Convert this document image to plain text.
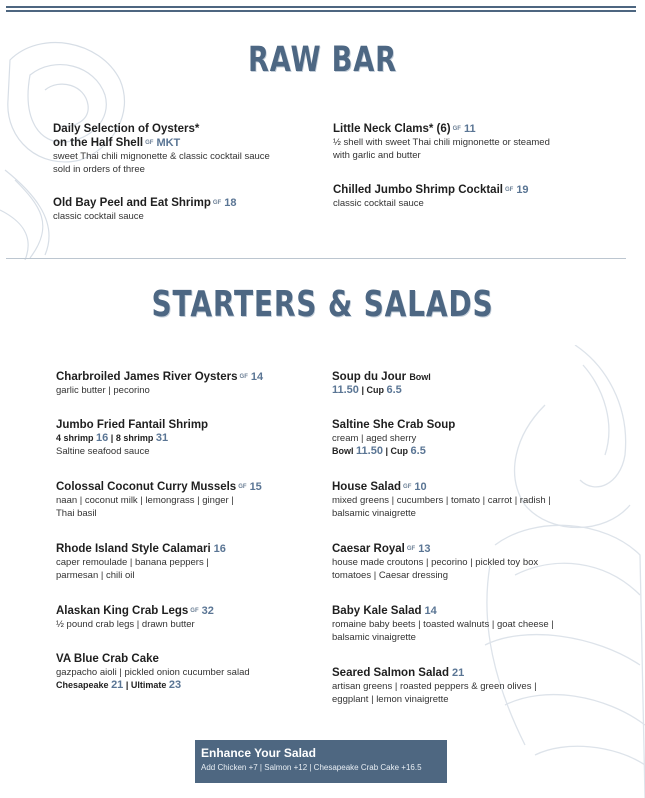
RAW BAR
Daily Selection of Oysters*
on the Half Shell $^{GF}$ MKT
sweet Thai chili mignonette & classic cocktail sauce
sold in orders of three
Old Bay Peel and Eat Shrimp $^{GF}$ 18
classic cocktail sauce
Little Neck Clams* (6) $^{GF}$ 11
½ shell with sweet Thai chili mignonette or steamed
with garlic and butter
Chilled Jumbo Shrimp Cocktail $^{GF}$ 19
classic cocktail sauce
STARTERS & SALADS
Charbroiled James River Oysters $^{GF}$ 14
garlic butter | pecorino
Jumbo Fried Fantail Shrimp
4 shrimp 16 | 8 shrimp 31
Saltine seafood sauce
Colossal Coconut Curry Mussels $^{GF}$ 15
naan | coconut milk | lemongrass | ginger |
Thai basil
Rhode Island Style Calamari 16
caper remoulade | banana peppers |
parmesan | chili oil
Alaskan King Crab Legs $^{GF}$ 32
½ pound crab legs | drawn butter
VA Blue Crab Cake
gazpacho aioli | pickled onion cucumber salad
Chesapeake 21 | Ultimate 23
Soup du Jour Bowl
11.50 | Cup 6.5
Saltine She Crab Soup
cream | aged sherry
Bowl 11.50 | Cup 6.5
House Salad $^{GF}$ 10
mixed greens | cucumbers | tomato | carrot | radish |
balsamic vinaigrette
Caesar Royal $^{GF}$ 13
house made croutons | pecorino | pickled toy box
tomatoes | Caesar dressing
Baby Kale Salad 14
romaine baby beets | toasted walnuts | goat cheese |
balsamic vinaigrette
Seared Salmon Salad 21
artisan greens | roasted peppers & green olives |
eggplant | lemon vinaigrette
Enhance Your Salad
Add Chicken +7 | Salmon +12 | Chesapeake Crab Cake +16.5
